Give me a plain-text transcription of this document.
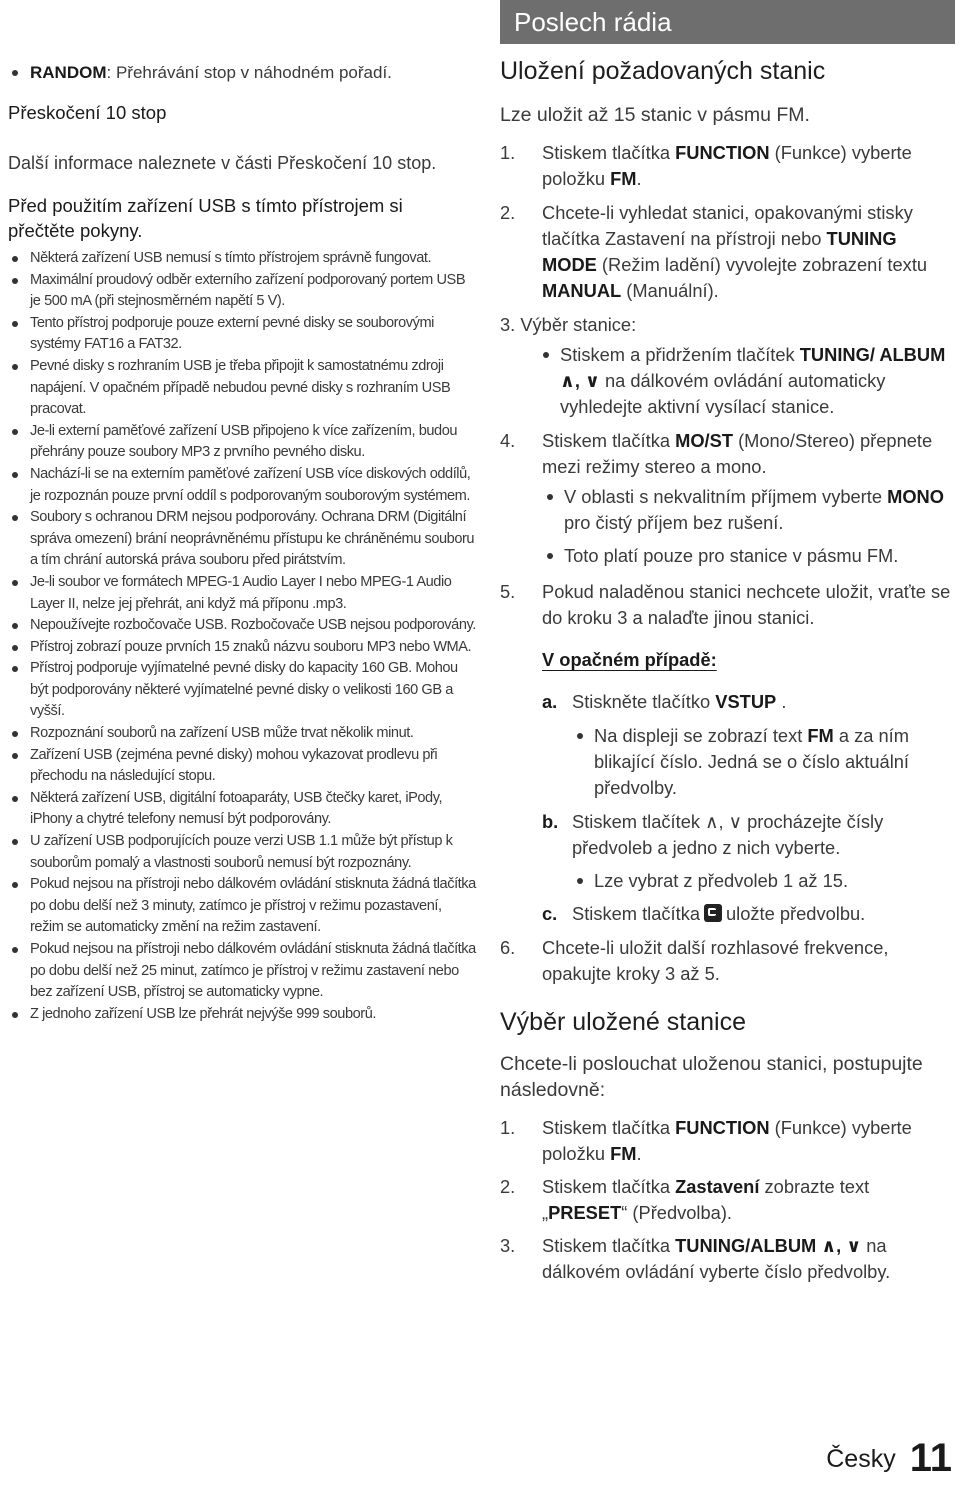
RANDOM: Přehrávání stop v náhodném pořadí.
Přeskočení 10 stop

Další informace naleznete v části Přeskočení 10 stop.

Před použitím zařízení USB s tímto přístrojem si přečtěte pokyny.
Některá zařízení USB nemusí s tímto přístrojem správně fungovat.
Maximální proudový odběr externího zařízení podporovaný portem USB je 500 mA (při stejnosměrném napětí 5 V).
Tento přístroj podporuje pouze externí pevné disky se souborovými systémy FAT16 a FAT32.
Pevné disky s rozhraním USB je třeba připojit k samostatnému zdroji napájení. V opačném případě nebudou pevné disky s rozhraním USB pracovat.
Je-li externí paměťové zařízení USB připojeno k více zařízením, budou přehrány pouze soubory MP3 z prvního pevného disku.
Nachází-li se na externím paměťové zařízení USB více diskových oddílů, je rozpoznán pouze první oddíl s podporovaným souborovým systémem.
Soubory s ochranou DRM nejsou podporovány. Ochrana DRM (Digitální správa omezení) brání neoprávněnému přístupu ke chráněnému souboru a tím chrání autorská práva souboru před pirátstvím.
Je-li soubor ve formátech MPEG-1 Audio Layer I nebo MPEG-1 Audio Layer II, nelze jej přehrát, ani když má příponu .mp3.
Nepoužívejte rozbočovače USB. Rozbočovače USB nejsou podporovány.
Přístroj zobrazí pouze prvních 15 znaků názvu souboru MP3 nebo WMA.
Přístroj podporuje vyjímatelné pevné disky do kapacity 160 GB. Mohou být podporovány některé vyjímatelné pevné disky o velikosti 160 GB a vyšší.
Rozpoznání souborů na zařízení USB může trvat několik minut.
Zařízení USB (zejména pevné disky) mohou vykazovat prodlevu při přechodu na následující stopu.
Některá zařízení USB, digitální fotoaparáty, USB čtečky karet, iPody, iPhony a chytré telefony nemusí být podporovány.
U zařízení USB podporujících pouze verzi USB 1.1 může být přístup k souborům pomalý a vlastnosti souborů nemusí být rozpoznány.
Pokud nejsou na přístroji nebo dálkovém ovládání stisknuta žádná tlačítka po dobu delší než 3 minuty, zatímco je přístroj v režimu pozastavení, režim se automaticky změní na režim zastavení.
Pokud nejsou na přístroji nebo dálkovém ovládání stisknuta žádná tlačítka po dobu delší než 25 minut, zatímco je přístroj v režimu zastavení nebo bez zařízení USB, přístroj se automaticky vypne.
Z jednoho zařízení USB lze přehrát nejvýše 999 souborů.
Poslech rádia
Uložení požadovaných stanic

Lze uložit až 15 stanic v pásmu FM.

1. Stiskem tlačítka FUNCTION (Funkce) vyberte položku FM.
2. Chcete-li vyhledat stanici, opakovanými stisky tlačítka Zastavení na přístroji nebo TUNING MODE (Režim ladění) vyvolejte zobrazení textu MANUAL (Manuální).
3. Výběr stanice:
Stiskem a přidržením tlačítek TUNING/ ALBUM ∧, ∨ na dálkovém ovládání automaticky vyhledejte aktivní vysílací stanice.
4. Stiskem tlačítka MO/ST (Mono/Stereo) přepnete mezi režimy stereo a mono.
V oblasti s nekvalitním příjmem vyberte MONO pro čistý příjem bez rušení.
Toto platí pouze pro stanice v pásmu FM.
5. Pokud naladěnou stanici nechcete uložit, vraťte se do kroku 3 a nalaďte jinou stanici.
V opačném případě:
a. Stiskněte tlačítko VSTUP .
Na displeji se zobrazí text FM a za ním blikající číslo. Jedná se o číslo aktuální předvolby.
b. Stiskem tlačítek ∧, ∨ procházejte čísly předvoleb a jedno z nich vyberte.
Lze vybrat z předvoleb 1 až 15.
c. Stiskem tlačítka uložte předvolbu.
6. Chcete-li uložit další rozhlasové frekvence, opakujte kroky 3 až 5.
Výběr uložené stanice

Chcete-li poslouchat uloženou stanici, postupujte následovně:

1. Stiskem tlačítka FUNCTION (Funkce) vyberte položku FM.
2. Stiskem tlačítka Zastavení zobrazte text „PRESET“ (Předvolba).
3. Stiskem tlačítka TUNING/ALBUM ∧, ∨ na dálkovém ovládání vyberte číslo předvolby.
Česky 11
